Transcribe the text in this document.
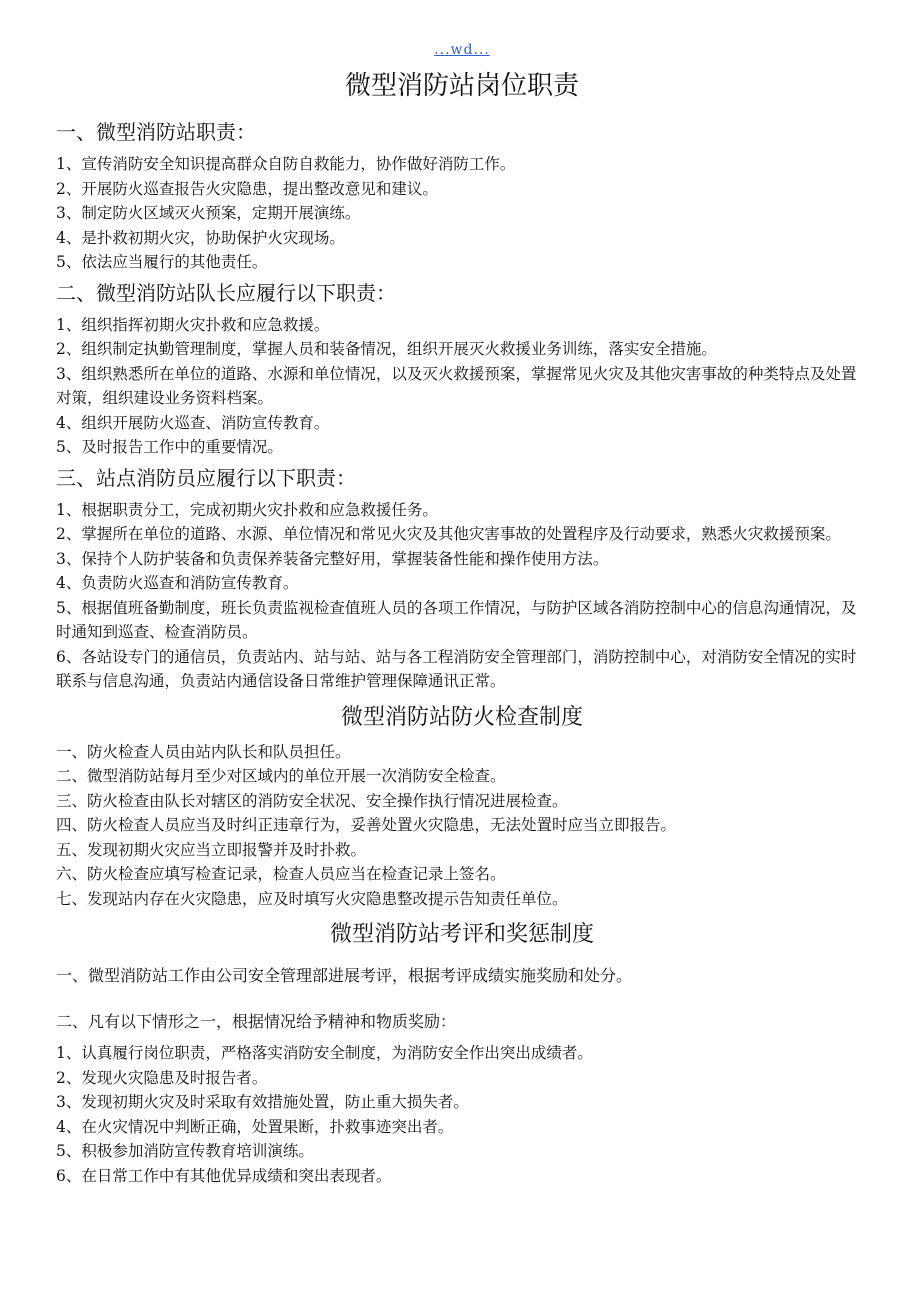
...wd...
微型消防站岗位职责
一、微型消防站职责：

1、宣传消防安全知识提高群众自防自救能力，协作做好消防工作。

2、开展防火巡查报告火灾隐患，提出整改意见和建议。

3、制定防火区域灭火预案，定期开展演练。

4、是扑救初期火灾，协助保护火灾现场。

5、依法应当履行的其他责任。

二、微型消防站队长应履行以下职责：

1、组织指挥初期火灾扑救和应急救援。

2、组织制定执勤管理制度，掌握人员和装备情况，组织开展灭火救援业务训练，落实安全措施。

3、组织熟悉所在单位的道路、水源和单位情况，以及灭火救援预案，掌握常见火灾及其他灾害事故的种类特点及处置对策，组织建设业务资料档案。

4、组织开展防火巡查、消防宣传教育。

5、及时报告工作中的重要情况。

三、站点消防员应履行以下职责：

1、根据职责分工，完成初期火灾扑救和应急救援任务。

2、掌握所在单位的道路、水源、单位情况和常见火灾及其他灾害事故的处置程序及行动要求，熟悉火灾救援预案。

3、保持个人防护装备和负责保养装备完整好用，掌握装备性能和操作使用方法。

4、负责防火巡查和消防宣传教育。

5、根据值班备勤制度，班长负责监视检查值班人员的各项工作情况，与防护区域各消防控制中心的信息沟通情况，及时通知到巡查、检查消防员。

6、各站设专门的通信员，负责站内、站与站、站与各工程消防安全管理部门，消防控制中心，对消防安全情况的实时联系与信息沟通，负责站内通信设备日常维护管理保障通讯正常。

微型消防站防火检查制度

一、防火检查人员由站内队长和队员担任。

二、微型消防站每月至少对区域内的单位开展一次消防安全检查。

三、防火检查由队长对辖区的消防安全状况、安全操作执行情况进展检查。

四、防火检查人员应当及时纠正违章行为，妥善处置火灾隐患，无法处置时应当立即报告。

五、发现初期火灾应当立即报警并及时扑救。

六、防火检查应填写检查记录，检查人员应当在检查记录上签名。

七、发现站内存在火灾隐患，应及时填写火灾隐患整改提示告知责任单位。

微型消防站考评和奖惩制度

一、微型消防站工作由公司安全管理部进展考评，根据考评成绩实施奖励和处分。

二、凡有以下情形之一，根据情况给予精神和物质奖励：

1、认真履行岗位职责，严格落实消防安全制度，为消防安全作出突出成绩者。

2、发现火灾隐患及时报告者。

3、发现初期火灾及时采取有效措施处置，防止重大损失者。

4、在火灾情况中判断正确，处置果断，扑救事迹突出者。

5、积极参加消防宣传教育培训演练。

6、在日常工作中有其他优异成绩和突出表现者。
